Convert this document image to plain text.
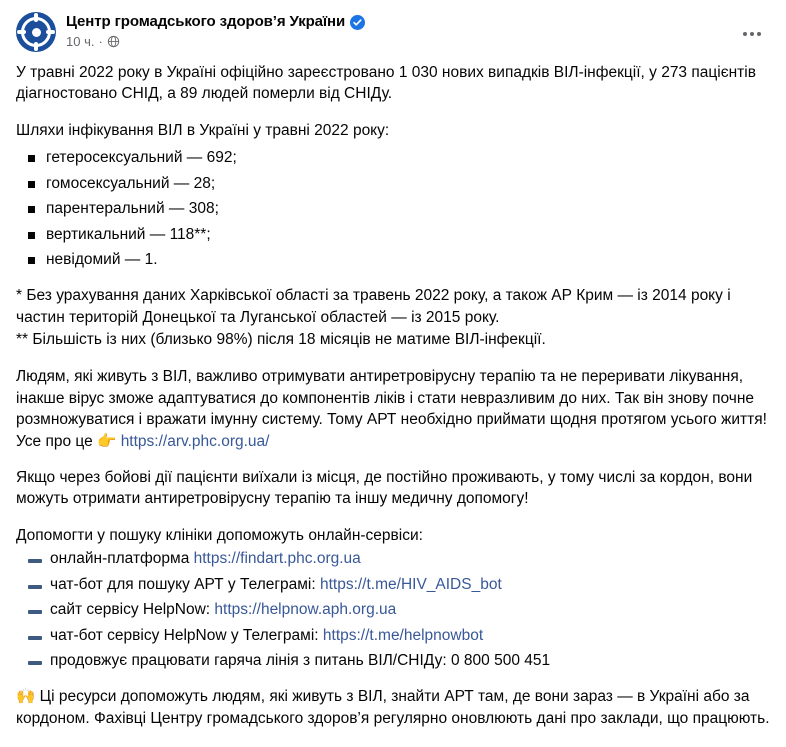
Центр громадського здоров’я України
10 ч. ·

У травні 2022 року в Україні офіційно зареєстровано 1 030 нових випадків ВІЛ-інфекції, у 273 пацієнтів діагностовано СНІД, а 89 людей померли від СНІДу.

Шляхи інфікування ВІЛ в Україні у травні 2022 року:

гетеросексуальний — 692;
гомосексуальний — 28;
парентеральний — 308;
вертикальний — 118**;
невідомий — 1.
* Без урахування даних Харківської області за травень 2022 року, а також АР Крим — із 2014 року і частин територій Донецької та Луганської областей — із 2015 року.
** Більшість із них (близько 98%) після 18 місяців не матиме ВІЛ-інфекції.

Людям, які живуть з ВІЛ, важливо отримувати антиретровірусну терапію та не переривати лікування, інакше вірус зможе адаптуватися до компонентів ліків і стати невразливим до них. Так він знову почне розмножуватися і вражати імунну систему. Тому АРТ необхідно приймати щодня протягом усього життя! Усе про це 👉 https://arv.phc.org.ua/

Якщо через бойові дії пацієнти виїхали із місця, де постійно проживають, у тому числі за кордон, вони можуть отримати антиретровірусну терапію та іншу медичну допомогу!

Допомогти у пошуку клініки допоможуть онлайн-сервіси:

онлайн-платформа https://findart.phc.org.ua
чат-бот для пошуку АРТ у Телеграмі: https://t.me/HIV_AIDS_bot
сайт сервісу HelpNow: https://helpnow.aph.org.ua
чат-бот сервісу HelpNow у Телеграмі: https://t.me/helpnowbot
продовжує працювати гаряча лінія з питань ВІЛ/СНІДу: 0 800 500 451

🙌 Ці ресурси допоможуть людям, які живуть з ВІЛ, знайти АРТ там, де вони зараз — в Україні або за кордоном. Фахівці Центру громадського здоров’я регулярно оновлюють дані про заклади, що працюють.
